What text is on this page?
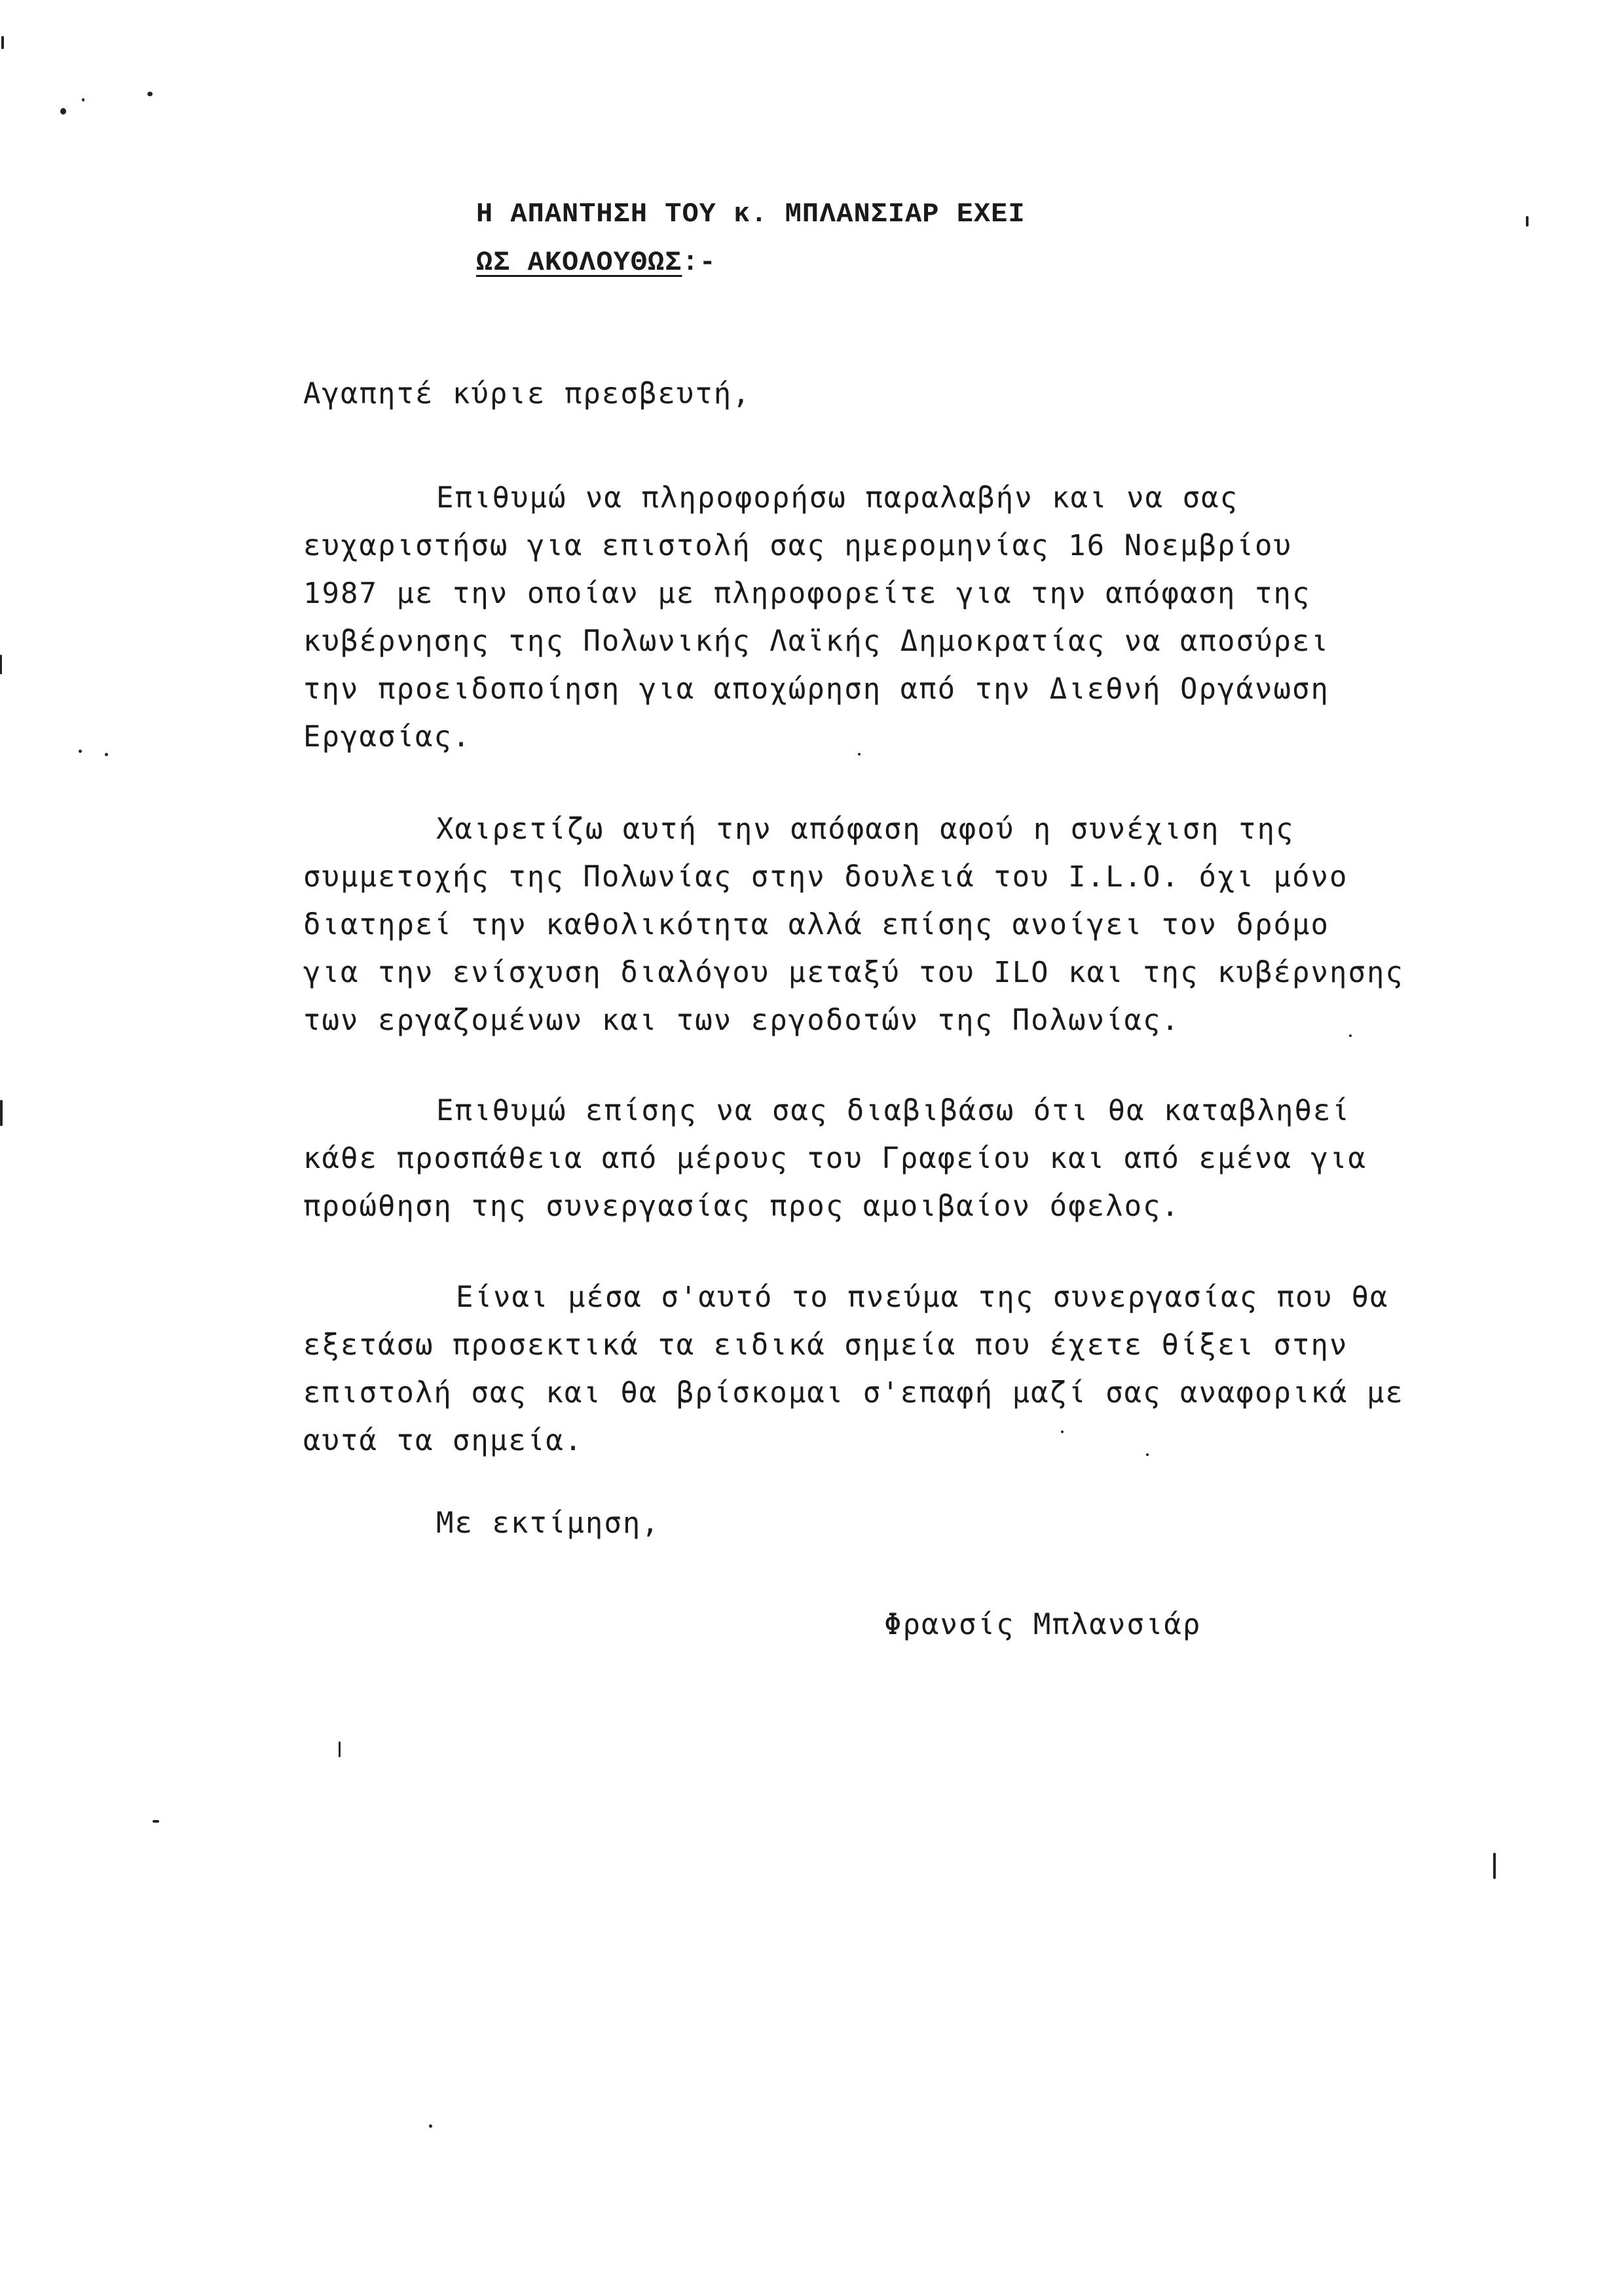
Η ΑΠΑΝΤΗΣΗ ΤΟΥ κ. ΜΠΛΑΝΣΙΑΡ ΕΧΕΙ
ΩΣ ΑΚΟΛΟΥΘΩΣ:-
Αγαπητέ κύριε πρεσβευτή,
Επιθυμώ να πληροφορήσω παραλαβήν και να σας
ευχαριστήσω για επιστολή σας ημερομηνίας 16 Νοεμβρίου
1987 με την οποίαν με πληροφορείτε για την απόφαση της
κυβέρνησης της Πολωνικής Λαϊκής Δημοκρατίας να αποσύρει
την προειδοποίηση για αποχώρηση από την Διεθνή Οργάνωση
Εργασίας.
Χαιρετίζω αυτή την απόφαση αφού η συνέχιση της
συμμετοχής της Πολωνίας στην δουλειά του I.L.O. όχι μόνο
διατηρεί την καθολικότητα αλλά επίσης ανοίγει τον δρόμο
για την ενίσχυση διαλόγου μεταξύ του ILO και της κυβέρνησης
των εργαζομένων και των εργοδοτών της Πολωνίας.
Επιθυμώ επίσης να σας διαβιβάσω ότι θα καταβληθεί
κάθε προσπάθεια από μέρους του Γραφείου και από εμένα για
προώθηση της συνεργασίας προς αμοιβαίον όφελος.
Είναι μέσα σ'αυτό το πνεύμα της συνεργασίας που θα
εξετάσω προσεκτικά τα ειδικά σημεία που έχετε θίξει στην
επιστολή σας και θα βρίσκομαι σ'επαφή μαζί σας αναφορικά με
αυτά τα σημεία.
Με εκτίμηση,
Φρανσίς Μπλανσιάρ
